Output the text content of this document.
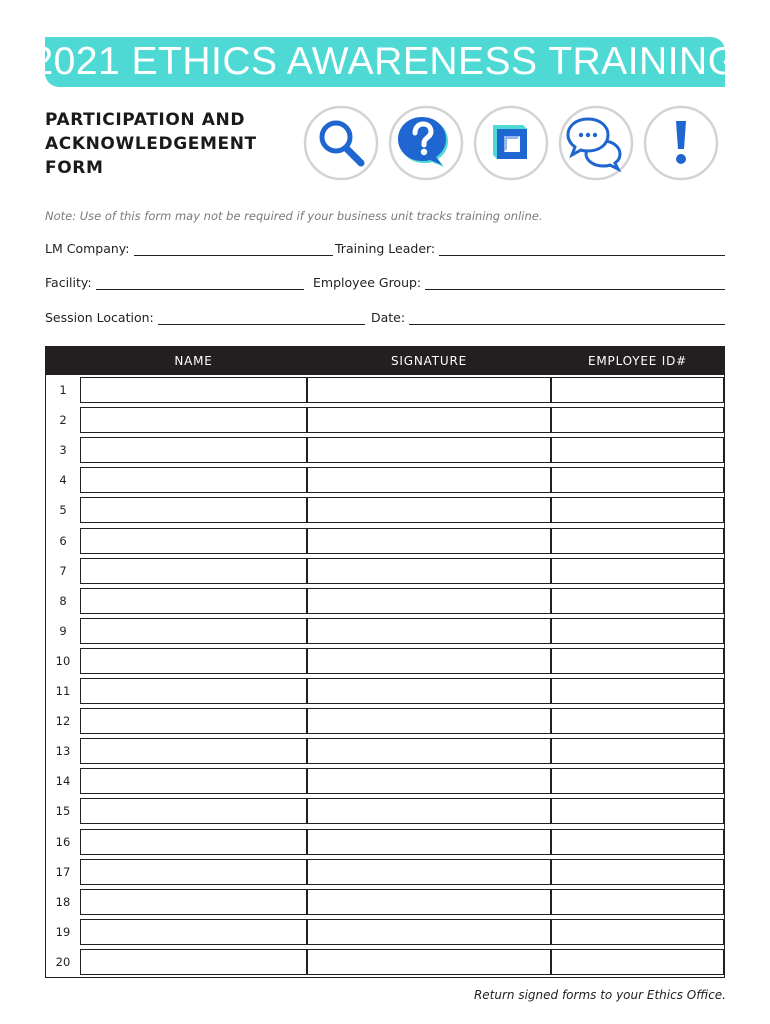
2021 ETHICS AWARENESS TRAINING
PARTICIPATION AND
ACKNOWLEDGEMENT
FORM
Note: Use of this form may not be required if your business unit tracks training online.
LM Company:	Training Leader:
Facility:	Employee Group:
Session Location:	Date:
NAME	SIGNATURE	EMPLOYEE ID#
1
2
3
4
5
6
7
8
9
10
11
12
13
14
15
16
17
18
19
20
Return signed forms to your Ethics Office.
